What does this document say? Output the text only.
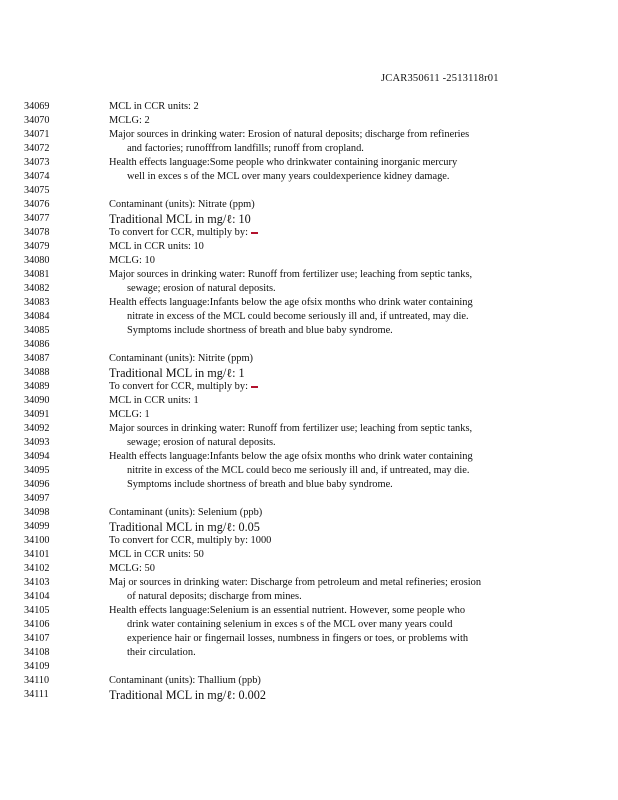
JCAR350611 -2513118r01
34069	MCL in CCR units: 2
34070	MCLG: 2
34071	Major sources in drinking water: Erosion of natural deposits; discharge from refineries
34072	and factories; runofffrom landfills; runoff from cropland.
34073	Health effects language:Some people who drinkwater containing inorganic mercury
34074	well in exces s of the MCL over many years couldexperience kidney damage.
34075
34076	Contaminant (units): Nitrate (ppm)
34077	Traditional MCL in mg/ℓ: 10
34078	To convert for CCR, multiply by:
34079	MCL in CCR units: 10
34080	MCLG: 10
34081	Major sources in drinking water: Runoff from fertilizer use; leaching from septic tanks,
34082	sewage; erosion of natural deposits.
34083	Health effects language:Infants below the age ofsix months who drink water containing
34084	nitrate in excess of the MCL could become seriously ill and, if untreated, may die.
34085	Symptoms include shortness of breath and blue baby syndrome.
34086
34087	Contaminant (units): Nitrite (ppm)
34088	Traditional MCL in mg/ℓ: 1
34089	To convert for CCR, multiply by:
34090	MCL in CCR units: 1
34091	MCLG: 1
34092	Major sources in drinking water: Runoff from fertilizer use; leaching from septic tanks,
34093	sewage; erosion of natural deposits.
34094	Health effects language:Infants below the age ofsix months who drink water containing
34095	nitrite in excess of the MCL could beco me seriously ill and, if untreated, may die.
34096	Symptoms include shortness of breath and blue baby syndrome.
34097
34098	Contaminant (units): Selenium (ppb)
34099	Traditional MCL in mg/ℓ: 0.05
34100	To convert for CCR, multiply by: 1000
34101	MCL in CCR units: 50
34102	MCLG: 50
34103	Maj or sources in drinking water: Discharge from petroleum and metal refineries; erosion
34104	of natural deposits; discharge from mines.
34105	Health effects language:Selenium is an essential nutrient. However, some people who
34106	drink water containing selenium in exces s of the MCL over many years could
34107	experience hair or fingernail losses, numbness in fingers or toes, or problems with
34108	their circulation.
34109
34110	Contaminant (units): Thallium (ppb)
34111	Traditional MCL in mg/ℓ: 0.002
